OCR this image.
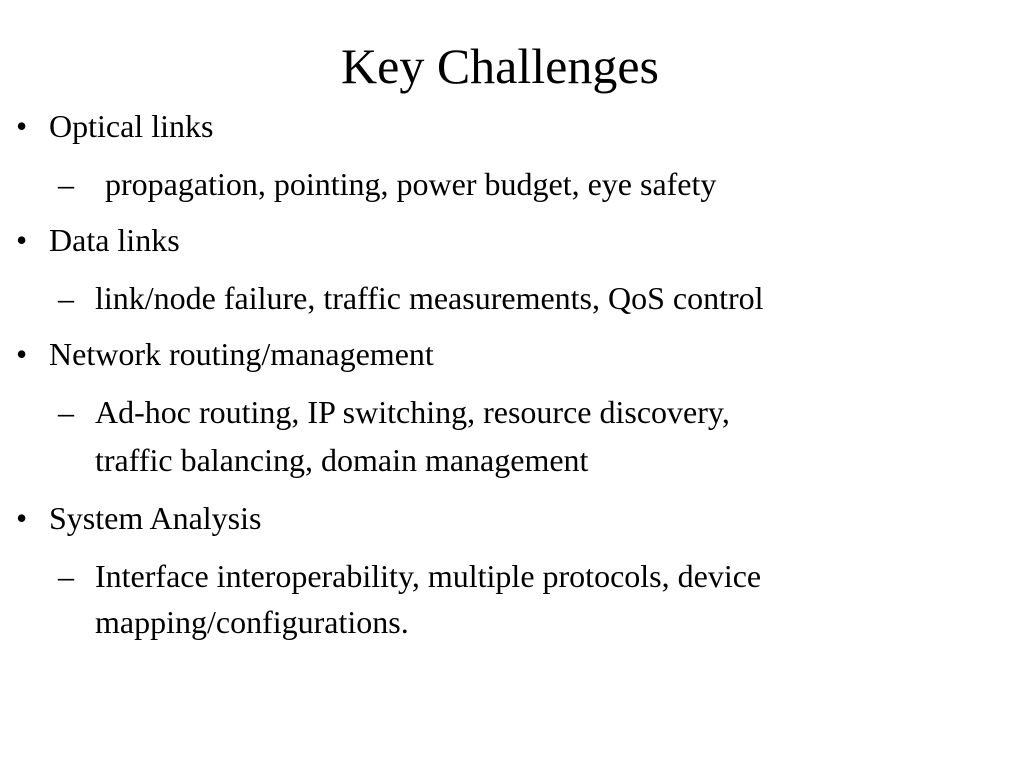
Key Challenges
• Optical links
– propagation, pointing, power budget, eye safety
• Data links
– link/node failure, traffic measurements, QoS control
• Network routing/management
– Ad-hoc routing, IP switching, resource discovery,
traffic balancing, domain management
• System Analysis
– Interface interoperability, multiple protocols, device
mapping/configurations.
